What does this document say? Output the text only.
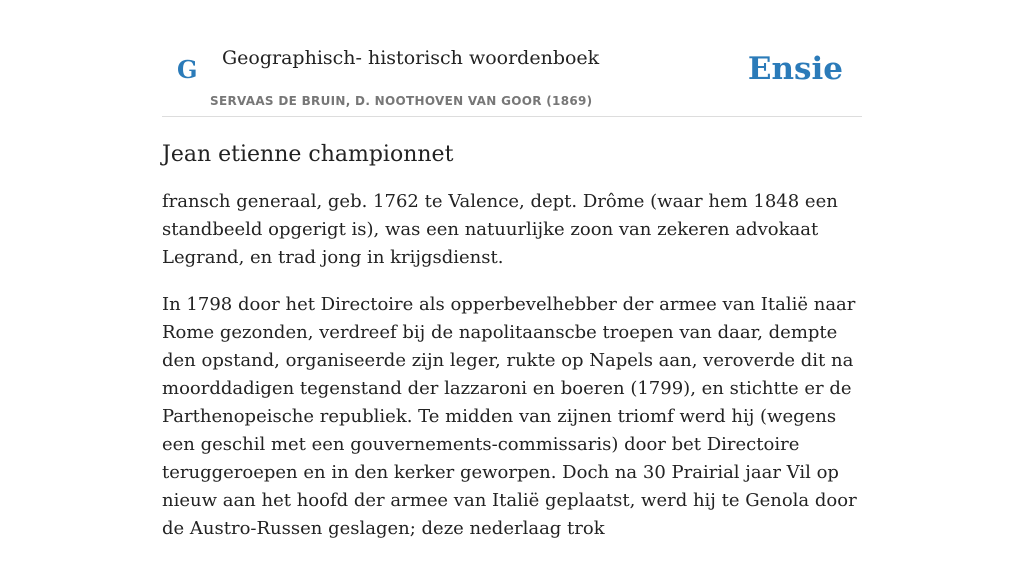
G Geographisch- historisch woordenboek
SERVAAS DE BRUIN, D. NOOTHOVEN VAN GOOR (1869)
Ensie
Jean etienne championnet

fransch generaal, geb. 1762 te Valence, dept. Drôme (waar hem 1848 een standbeeld opgerigt is), was een natuurlijke zoon van zekeren advokaat Legrand, en trad jong in krijgsdienst.

In 1798 door het Directoire als opperbevelhebber der armee van Italië naar Rome gezonden, verdreef bij de napolitaanscbe troepen van daar, dempte den opstand, organiseerde zijn leger, rukte op Napels aan, veroverde dit na moorddadigen tegenstand der lazzaroni en boeren (1799), en stichtte er de Parthenopeische republiek. Te midden van zijnen triomf werd hij (wegens een geschil met een gouvernements-commissaris) door bet Directoire teruggeroepen en in den kerker geworpen. Doch na 30 Prairial jaar Vil op nieuw aan het hoofd der armee van Italië geplaatst, werd hij te Genola door de Austro-Russen geslagen; deze nederlaag trok
